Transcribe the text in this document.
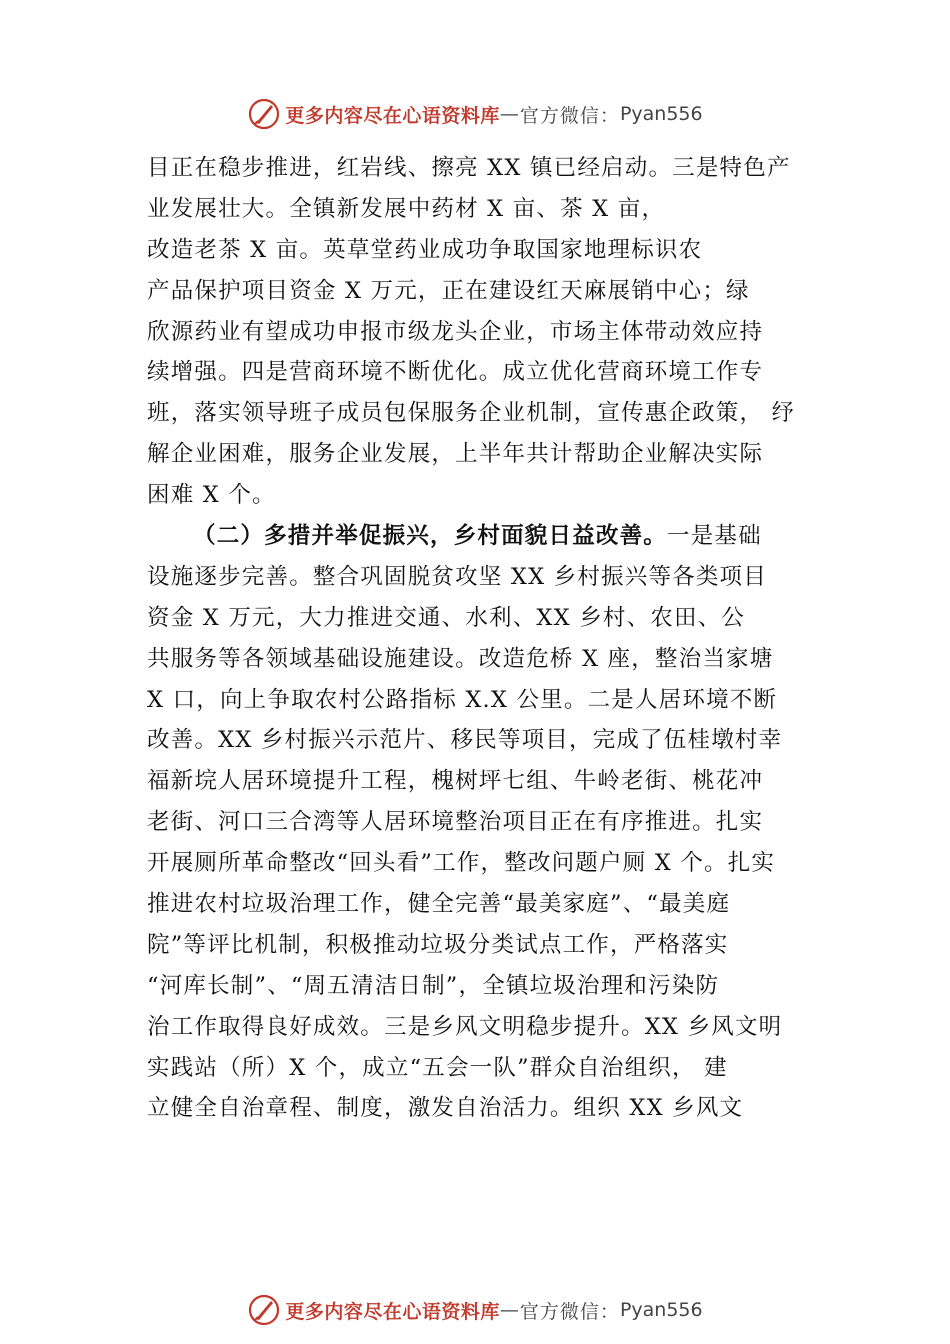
更多内容尽在心语资料库 — 官方微信： Pyan556
目正在稳步推进，红岩线、擦亮 XX 镇已经启动。三是特色产
业发展壮大。全镇新发展中药材 X 亩、茶 X 亩，
改造老茶 X 亩。英草堂药业成功争取国家地理标识农
产品保护项目资金 X 万元，正在建设红天麻展销中心；绿
欣源药业有望成功申报市级龙头企业，市场主体带动效应持
续增强。四是营商环境不断优化。成立优化营商环境工作专
班，落实领导班子成员包保服务企业机制，宣传惠企政策， 纾
解企业困难，服务企业发展，上半年共计帮助企业解决实际
困难 X 个。
（二）多措并举促振兴，乡村面貌日益改善。一是基础
设施逐步完善。整合巩固脱贫攻坚 XX 乡村振兴等各类项目
资金 X 万元，大力推进交通、水利、XX 乡村、农田、公
共服务等各领域基础设施建设。改造危桥 X 座，整治当家塘
X 口，向上争取农村公路指标 X.X 公里。二是人居环境不断
改善。XX 乡村振兴示范片、移民等项目，完成了伍桂墩村幸
福新垸人居环境提升工程，槐树坪七组、牛岭老街、桃花冲
老街、河口三合湾等人居环境整治项目正在有序推进。扎实
开展厕所革命整改“回头看”工作，整改问题户厕 X 个。扎实
推进农村垃圾治理工作，健全完善“最美家庭”、“最美庭
院”等评比机制，积极推动垃圾分类试点工作，严格落实
“河库长制”、“周五清洁日制”，全镇垃圾治理和污染防
治工作取得良好成效。三是乡风文明稳步提升。XX 乡风文明
实践站（所）X 个，成立“五会一队”群众自治组织， 建
立健全自治章程、制度，激发自治活力。组织 XX 乡风文
更多内容尽在心语资料库 — 官方微信： Pyan556
